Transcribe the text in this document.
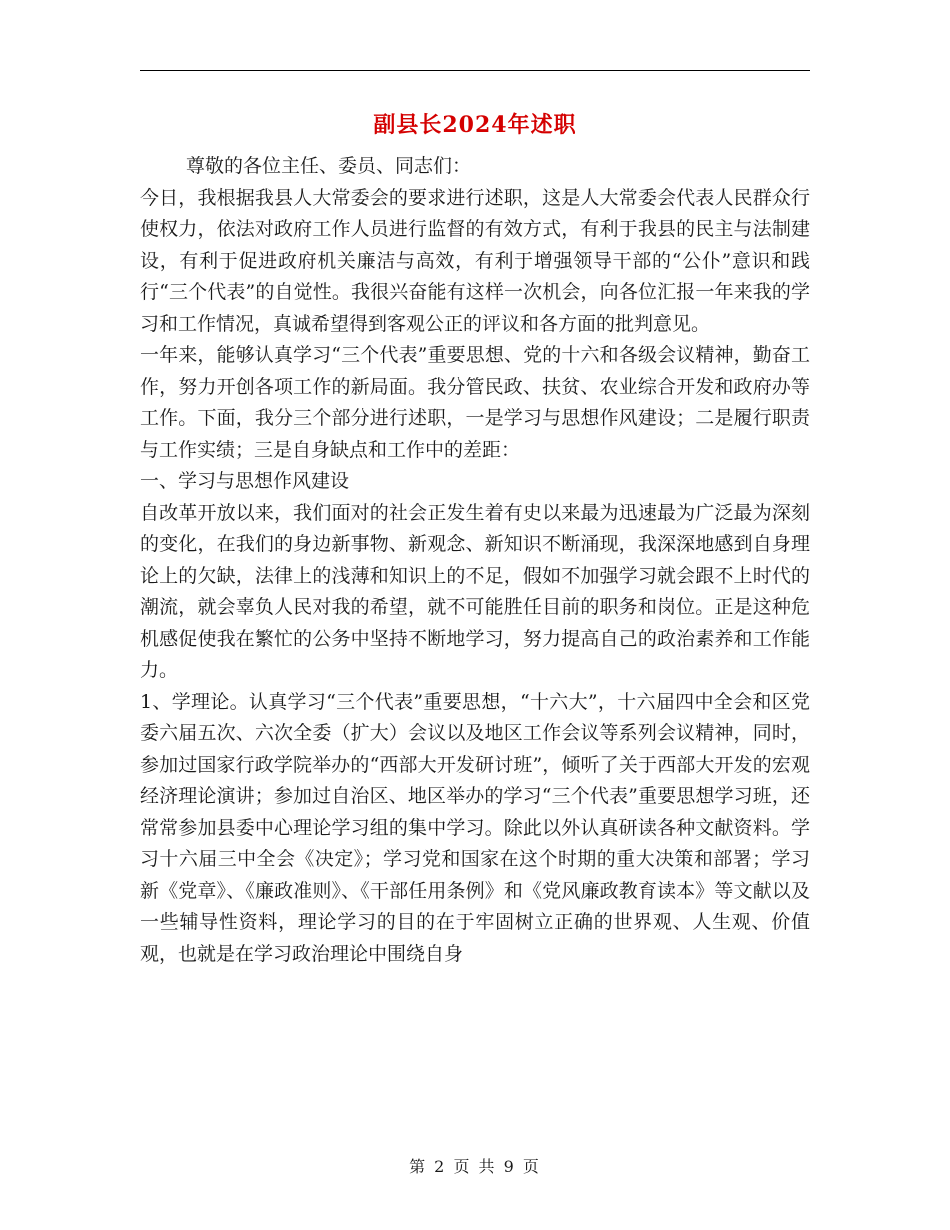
副县长2024年述职

尊敬的各位主任、委员、同志们：

今日，我根据我县人大常委会的要求进行述职，这是人大常委会代表人民群众行使权力，依法对政府工作人员进行监督的有效方式，有利于我县的民主与法制建设，有利于促进政府机关廉洁与高效，有利于增强领导干部的“公仆”意识和践行“三个代表”的自觉性。我很兴奋能有这样一次机会，向各位汇报一年来我的学习和工作情况，真诚希望得到客观公正的评议和各方面的批判意见。

一年来，能够认真学习“三个代表”重要思想、党的十六和各级会议精神，勤奋工作，努力开创各项工作的新局面。我分管民政、扶贫、农业综合开发和政府办等工作。下面，我分三个部分进行述职，一是学习与思想作风建设；二是履行职责与工作实绩；三是自身缺点和工作中的差距：

一、学习与思想作风建设

自改革开放以来，我们面对的社会正发生着有史以来最为迅速最为广泛最为深刻的变化，在我们的身边新事物、新观念、新知识不断涌现，我深深地感到自身理论上的欠缺，法律上的浅薄和知识上的不足，假如不加强学习就会跟不上时代的潮流，就会辜负人民对我的希望，就不可能胜任目前的职务和岗位。正是这种危机感促使我在繁忙的公务中坚持不断地学习，努力提高自己的政治素养和工作能力。

1、学理论。认真学习“三个代表”重要思想，“十六大”，十六届四中全会和区党委六届五次、六次全委（扩大）会议以及地区工作会议等系列会议精神，同时，参加过国家行政学院举办的“西部大开发研讨班”，倾听了关于西部大开发的宏观经济理论演讲；参加过自治区、地区举办的学习“三个代表”重要思想学习班，还常常参加县委中心理论学习组的集中学习。除此以外认真研读各种文献资料。学习十六届三中全会《决定》；学习党和国家在这个时期的重大决策和部署；学习新《党章》、《廉政准则》、《干部任用条例》和《党风廉政教育读本》等文献以及一些辅导性资料，理论学习的目的在于牢固树立正确的世界观、人生观、价值观，也就是在学习政治理论中围绕自身

第 2 页 共 9 页
